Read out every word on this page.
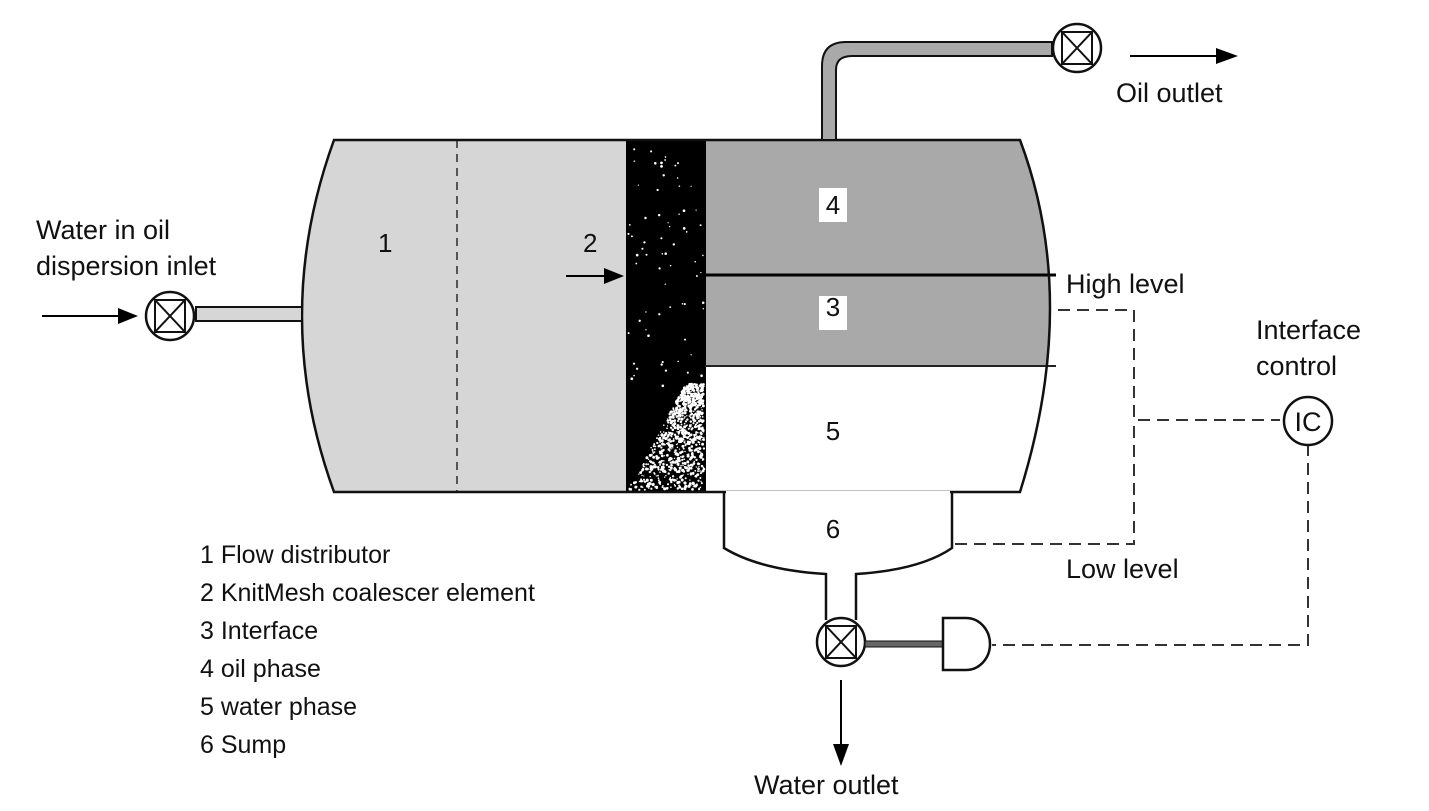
IC
Water in oil
dispersion inlet
Oil outlet
Water outlet
High level
Low level
Interface
control
1	2
3
4
5
6
1 Flow distributor
2 KnitMesh coalescer element
3 Interface
4 oil phase
5 water phase
6 Sump
